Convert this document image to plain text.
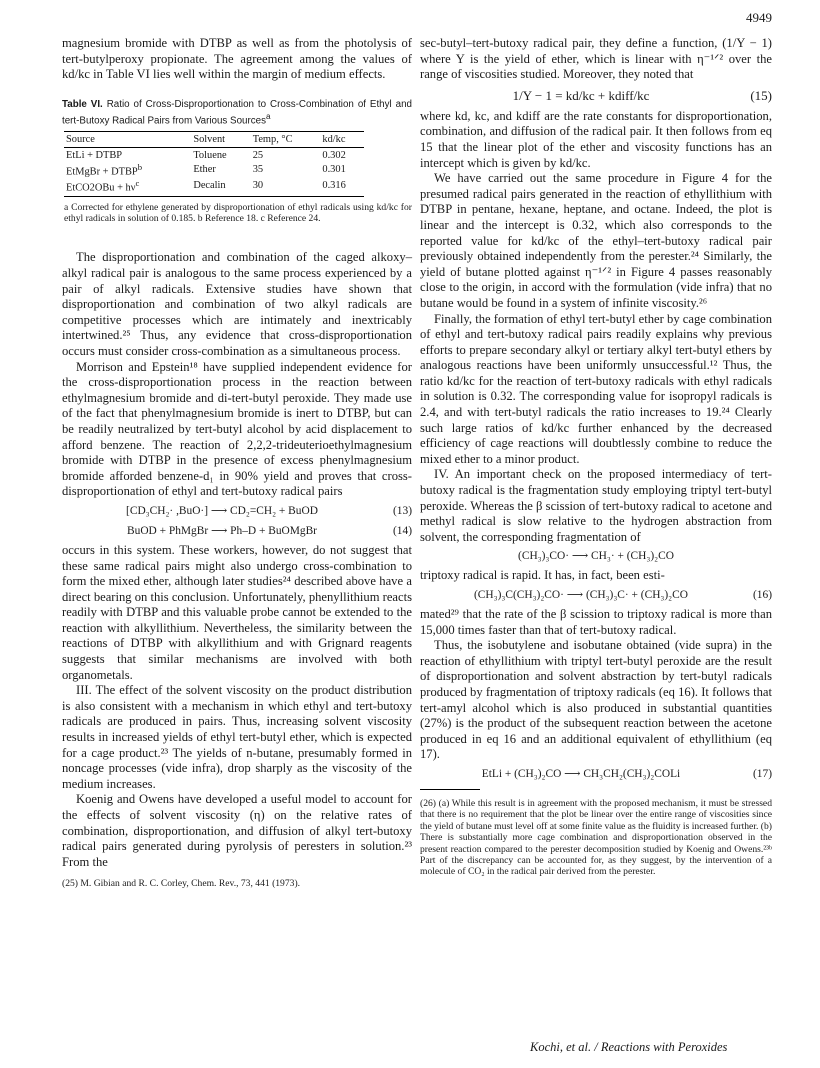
4949

magnesium bromide with DTBP as well as from the photolysis of tert-butylperoxy propionate. The agreement among the values of kd/kc in Table VI lies well within the margin of medium effects.

Table VI. Ratio of Cross-Disproportionation to Cross-Combination of Ethyl and tert-Butoxy Radical Pairs from Various Sources$^a$
Source	Solvent	Temp, °C	kd/kc
EtLi + DTBP	Toluene	25	0.302
EtMgBr + $DTBP^b$	Ether	35	0.301
EtCO2OBu + $h\nu^c$	Decalin	30	0.316
a Corrected for ethylene generated by disproportionation of ethyl radicals using kd/kc for ethyl radicals in solution of 0.185. b Reference 18. c Reference 24.

The disproportionation and combination of the caged alkoxy–alkyl radical pair is analogous to the same process experienced by a pair of alkyl radicals. Extensive studies have shown that disproportionation and combination of two alkyl radicals are competitive processes which are intimately and inextricably intertwined.²⁵ Thus, any evidence that cross-disproportionation occurs must consider cross-combination as a simultaneous process.

Morrison and Epstein¹⁸ have supplied independent evidence for the cross-disproportionation process in the reaction between ethylmagnesium bromide and di-tert-butyl peroxide. They made use of the fact that phenylmagnesium bromide is inert to DTBP, but can be readily neutralized by tert-butyl alcohol by acid displacement to afford benzene. The reaction of 2,2,2-trideuterioethylmagnesium bromide with DTBP in the presence of excess phenylmagnesium bromide afforded benzene-d₁ in 90% yield and proves that cross-disproportionation of ethyl and tert-butoxy radical pairs

[CD₃CH₂· ,BuO·] ⟶ CD₂=CH₂ + BuOD	(13)
BuOD + PhMgBr ⟶ Ph–D + BuOMgBr	(14)

occurs in this system. These workers, however, do not suggest that these same radical pairs might also undergo cross-combination to form the mixed ether, although later studies²⁴ described above have a direct bearing on this conclusion. Unfortunately, phenyllithium reacts readily with DTBP and this valuable probe cannot be extended to the reaction with alkyllithium. Nevertheless, the similarity between the reactions of DTBP with alkyllithium and with Grignard reagents suggests that similar mechanisms are involved with both organometals.

III. The effect of the solvent viscosity on the product distribution is also consistent with a mechanism in which ethyl and tert-butoxy radicals are produced in pairs. Thus, increasing solvent viscosity results in increased yields of ethyl tert-butyl ether, which is expected for a cage product.²³ The yields of n-butane, presumably formed in noncage processes (vide infra), drop sharply as the viscosity of the medium increases.

Koenig and Owens have developed a useful model to account for the effects of solvent viscosity (η) on the relative rates of combination, disproportionation, and diffusion of alkyl tert-butoxy radical pairs generated during pyrolysis of peresters in solution.²³ From the

(25) M. Gibian and R. C. Corley, Chem. Rev., 73, 441 (1973).

sec-butyl–tert-butoxy radical pair, they define a function, (1/Y − 1) where Y is the yield of ether, which is linear with η⁻¹ᐟ² over the range of viscosities studied. Moreover, they noted that

1/Y − 1 = kd/kc + kdiff/kc	(15)

where kd, kc, and kdiff are the rate constants for disproportionation, combination, and diffusion of the radical pair. It then follows from eq 15 that the linear plot of the ether and viscosity functions has an intercept which is given by kd/kc.

We have carried out the same procedure in Figure 4 for the presumed radical pairs generated in the reaction of ethyllithium with DTBP in pentane, hexane, heptane, and octane. Indeed, the plot is linear and the intercept is 0.32, which also corresponds to the reported value for kd/kc of the ethyl–tert-butoxy radical pair previously obtained independently from the perester.²⁴ Similarly, the yield of butane plotted against η⁻¹ᐟ² in Figure 4 passes reasonably close to the origin, in accord with the formulation (vide infra) that no butane would be found in a system of infinite viscosity.²⁶

Finally, the formation of ethyl tert-butyl ether by cage combination of ethyl and tert-butoxy radical pairs readily explains why previous efforts to prepare secondary alkyl or tertiary alkyl tert-butyl ethers by analogous reactions have been uniformly unsuccessful.¹² Thus, the ratio kd/kc for the reaction of tert-butoxy radicals with ethyl radicals in solution is 0.32. The corresponding value for isopropyl radicals is 2.4, and with tert-butyl radicals the ratio increases to 19.²⁴ Clearly such large ratios of kd/kc further enhanced by the decreased efficiency of cage reactions will doubtlessly combine to reduce the mixed ether to a minor product.

IV. An important check on the proposed intermediacy of tert-butoxy radical is the fragmentation study employing triptyl tert-butyl peroxide. Whereas the β scission of tert-butoxy radical to acetone and methyl radical is slow relative to the hydrogen abstraction from solvent, the corresponding fragmentation of

(CH₃)₃CO· ⟶ CH₃· + (CH₃)₂CO

triptoxy radical is rapid. It has, in fact, been esti-

(CH₃)₃C(CH₃)₂CO· ⟶ (CH₃)₃C· + (CH₃)₂CO	(16)

mated²⁹ that the rate of the β scission to triptoxy radical is more than 15,000 times faster than that of tert-butoxy radical.

Thus, the isobutylene and isobutane obtained (vide supra) in the reaction of ethyllithium with triptyl tert-butyl peroxide are the result of disproportionation and solvent abstraction by tert-butyl radicals produced by fragmentation of triptoxy radicals (eq 16). It follows that tert-amyl alcohol which is also produced in substantial quantities (27%) is the product of the subsequent reaction between the acetone produced in eq 16 and an additional equivalent of ethyllithium (eq 17).

EtLi + (CH₃)₂CO ⟶ CH₃CH₂(CH₃)₂COLi	(17)
(26) (a) While this result is in agreement with the proposed mechanism, it must be stressed that there is no requirement that the plot be linear over the entire range of viscosities since the yield of butane must level off at some finite value as the fluidity is increased further. (b) There is substantially more cage combination and disproportionation observed in the present reaction compared to the perester decomposition studied by Koenig and Owens.²³ᵇ Part of the discrepancy can be accounted for, as they suggest, by the intervention of a molecule of CO₂ in the radical pair derived from the perester.
Kochi, et al. / Reactions with Peroxides
